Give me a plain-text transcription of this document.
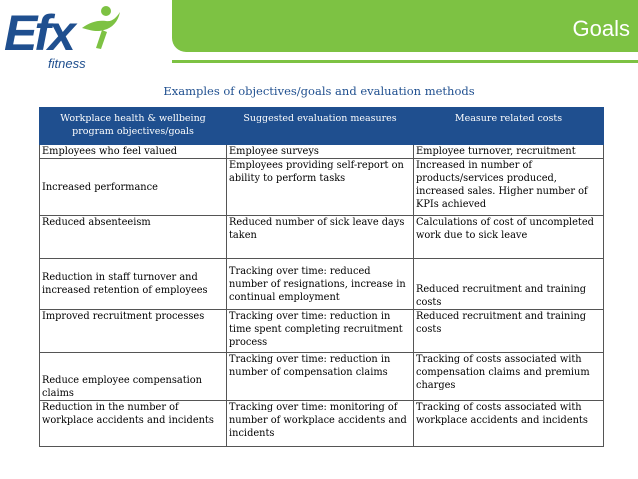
Efx
fitness
Goals
Examples of objectives/goals and evaluation methods
Workplace health & wellbeing program objectives/goals	Suggested evaluation measures	Measure related costs
Employees who feel valued	Employee surveys	Employee turnover, recruitment
Increased performance	Employees providing self-report on ability to perform tasks	Increased in number of products/services produced, increased sales. Higher number of KPIs achieved
Reduced absenteeism	Reduced number of sick leave days taken	Calculations of cost of uncompleted work due to sick leave
Reduction in staff turnover and increased retention of employees	Tracking over time: reduced number of resignations, increase in continual employment	Reduced recruitment and training costs
Improved recruitment processes	Tracking over time: reduction in time spent completing recruitment process	Reduced recruitment and training costs
Reduce employee compensation claims	Tracking over time: reduction in number of compensation claims	Tracking of costs associated with compensation claims and premium charges
Reduction in the number of workplace accidents and incidents	Tracking over time: monitoring of number of workplace accidents and incidents	Tracking of costs associated with workplace accidents and incidents
